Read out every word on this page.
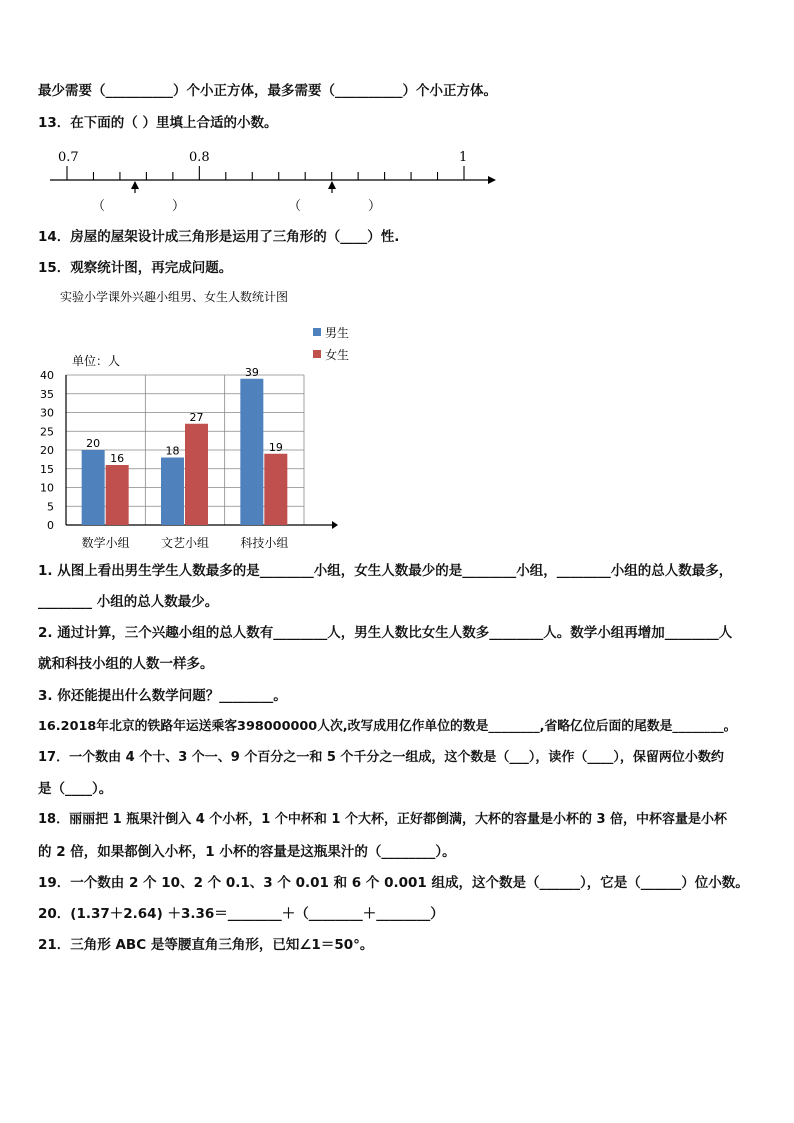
最少需要（__________）个小正方体，最多需要（__________）个小正方体。
13．在下面的（ ）里填上合适的小数。
0.7	0.8	1
（	）	（	）
14．房屋的屋架设计成三角形是运用了三角形的（____）性.
15．观察统计图，再完成问题。
实验小学课外兴趣小组男、女生人数统计图
20
16
18
27
39
19
0
5
10
15
20
25
30
35
40
数学小组	文艺小组	科技小组
单位：人
男生
女生
1. 从图上看出男生学生人数最多的是________小组，女生人数最少的是________小组，________小组的总人数最多，
________ 小组的总人数最少。
2. 通过计算，三个兴趣小组的总人数有________人，男生人数比女生人数多________人。数学小组再增加________人
就和科技小组的人数一样多。
3. 你还能提出什么数学问题？________。
16.2018年北京的铁路年运送乘客398000000人次,改写成用亿作单位的数是________,省略亿位后面的尾数是________。
17．一个数由 4 个十、3 个一、9 个百分之一和 5 个千分之一组成，这个数是（___），读作（____），保留两位小数约
是（____）。
18．丽丽把 1 瓶果汁倒入 4 个小杯，1 个中杯和 1 个大杯，正好都倒满，大杯的容量是小杯的 3 倍，中杯容量是小杯
的 2 倍，如果都倒入小杯，1 小杯的容量是这瓶果汁的（________）。
19．一个数由 2 个 10、2 个 0.1、3 个 0.01 和 6 个 0.001 组成，这个数是（______），它是（______）位小数。
20．(1.37＋2.64) ＋3.36＝________＋（________＋________）
21．三角形 ABC 是等腰直角三角形，已知∠1＝50°。
